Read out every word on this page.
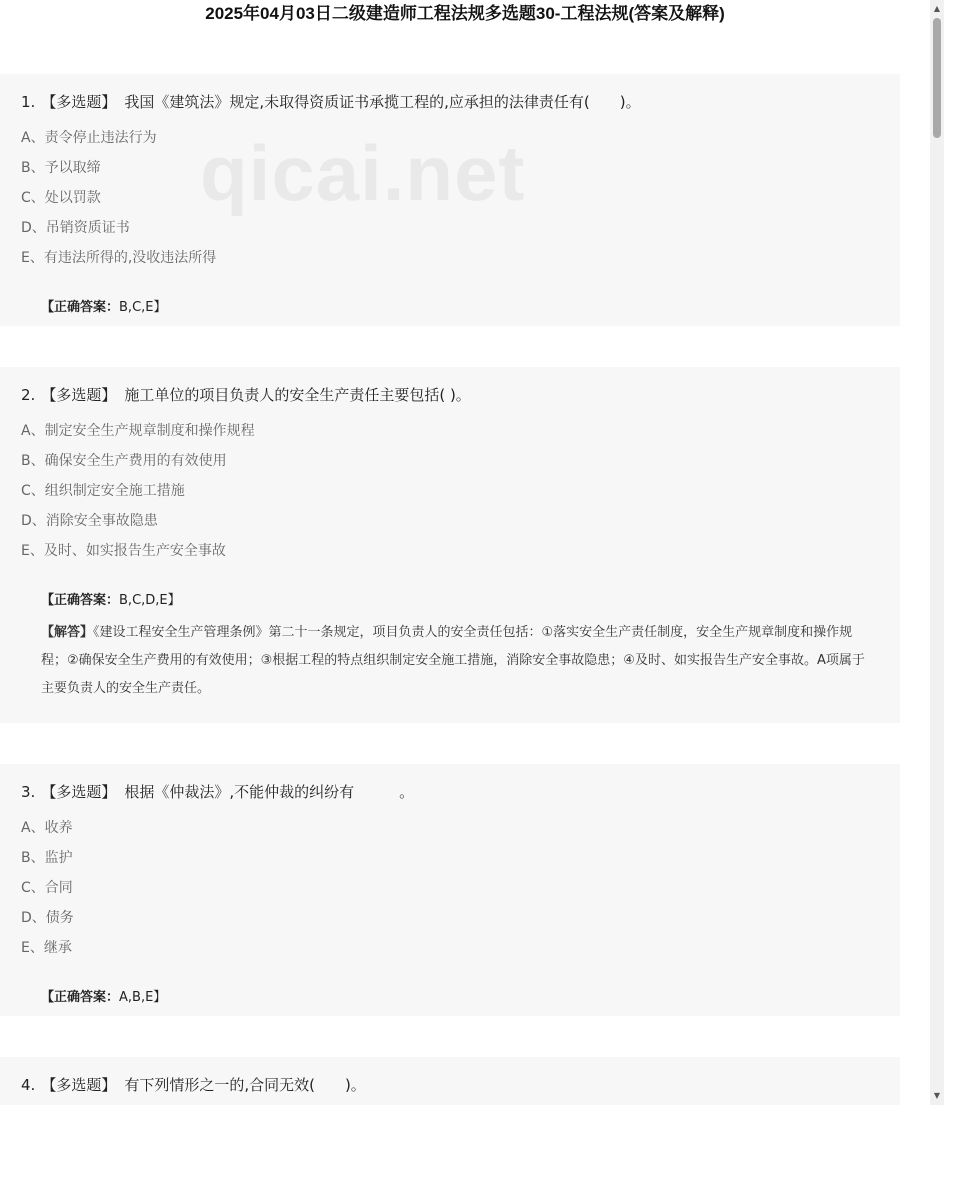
2025年04月03日二级建造师工程法规多选题30-工程法规(答案及解释)
qicai.net
1. 【多选题】 我国《建筑法》规定,未取得资质证书承揽工程的,应承担的法律责任有(　　)。
A、责令停止违法行为
B、予以取缔
C、处以罚款
D、吊销资质证书
E、有违法所得的,没收违法所得
【正确答案：B,C,E】
2. 【多选题】 施工单位的项目负责人的安全生产责任主要包括( )。
A、制定安全生产规章制度和操作规程
B、确保安全生产费用的有效使用
C、组织制定安全施工措施
D、消除安全事故隐患
E、及时、如实报告生产安全事故
【正确答案：B,C,D,E】
【解答】《建设工程安全生产管理条例》第二十一条规定，项目负责人的安全责任包括：①落实安全生产责任制度，安全生产规章制度和操作规程；②确保安全生产费用的有效使用；③根据工程的特点组织制定安全施工措施，消除安全事故隐患；④及时、如实报告生产安全事故。A项属于主要负责人的安全生产责任。
3. 【多选题】 根据《仲裁法》,不能仲裁的纠纷有　　　。
A、收养
B、监护
C、合同
D、债务
E、继承
【正确答案：A,B,E】
4. 【多选题】 有下列情形之一的,合同无效(　　)。
▲
▼
